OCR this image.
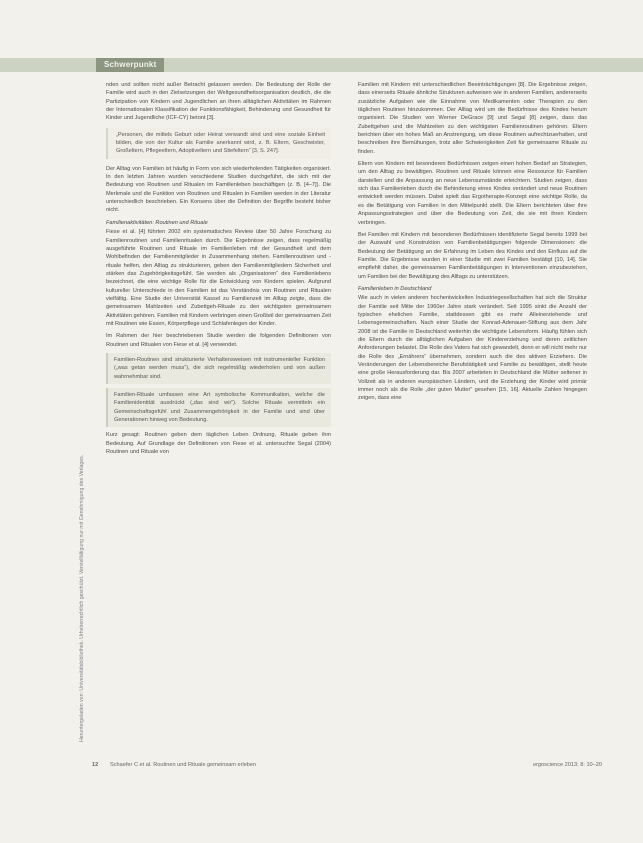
Schwerpunkt
Heruntergeladen von: Universitätsbibliothek. Urheberrechtlich geschützt. Vervielfältigung nur mit Genehmigung des Verlages.

nden und sollten nicht außer Betracht gelassen werden. Die Bedeutung der Rolle der Familie wird auch in den Zielsetzungen der Weltgesundheitsorganisation deutlich, die die Partizipation von Kindern und Jugendlichen an ihren alltäglichen Aktivitäten im Rahmen der Internationalen Klassifikation der Funktionsfähigkeit, Behinderung und Gesundheit für Kinder und Jugendliche (ICF-CY) betont [3].

„Personen, die mittels Geburt oder Heirat verwandt sind und eine soziale Einheit bilden, die von der Kultur als Familie anerkannt wird, z. B. Eltern, Geschwister, Großeltern, Pflegeeltern, Adoptiveltern und Stiefeltern“ [3, S. 247].

Der Alltag von Familien ist häufig in Form von sich wiederholenden Tätigkeiten organisiert. In den letzten Jahren wurden verschiedene Studien durchgeführt, die sich mit der Bedeutung von Routinen und Ritualen im Familienleben beschäftigen (z. B. [4–7]). Die Merkmale und die Funktion von Routinen und Ritualen in Familien werden in der Literatur unterschiedlich beschrieben. Ein Konsens über die Definition der Begriffe besteht bisher nicht.

Familienaktivitäten: Routinen und Rituale

Fiese et al. [4] führten 2002 ein systematisches Review über 50 Jahre Forschung zu Familienroutinen und Familienritualen durch. Die Ergebnisse zeigen, dass regelmäßig ausgeführte Routinen und Rituale im Familienleben mit der Gesundheit und dem Wohlbefinden der Familienmitglieder in Zusammenhang stehen. Familienroutinen und -rituale helfen, den Alltag zu strukturieren, geben den Familienmitgliedern Sicherheit und stärken das Zugehörigkeitsgefühl. Sie werden als „Organisatoren“ des Familienlebens bezeichnet, die eine wichtige Rolle für die Entwicklung von Kindern spielen. Aufgrund kultureller Unterschiede in den Familien ist das Verständnis von Routinen und Ritualen vielfältig. Eine Studie der Universität Kassel zu Familienzeit im Alltag zeigte, dass die gemeinsamen Mahlzeiten und Zubettgeh-Rituale zu den wichtigsten gemeinsamen Aktivitäten gehören. Familien mit Kindern verbringen einen Großteil der gemeinsamen Zeit mit Routinen wie Essen, Körperpflege und Schlafenlegen der Kinder.

Im Rahmen der hier beschriebenen Studie werden die folgenden Definitionen von Routinen und Ritualen von Fiese et al. [4] verwendet.

Familien-Routinen sind strukturierte Verhaltensweisen mit instrumenteller Funktion („was getan werden muss“), die sich regelmäßig wiederholen und von außen wahrnehmbar sind.
Familien-Rituale umfassen eine Art symbolische Kommunikation, welche die Familienidentität ausdrückt („das sind wir“). Solche Rituale vermitteln ein Gemeinschaftsgefühl und Zusammengehörigkeit in der Familie und sind über Generationen hinweg von Bedeutung.

Kurz gesagt: Routinen geben dem täglichen Leben Ordnung, Rituale geben ihm Bedeutung. Auf Grundlage der Definitionen von Fiese et al. untersuchte Segal (2004) Routinen und Rituale von

Familien mit Kindern mit unterschiedlichen Beeinträchtigungen [8]. Die Ergebnisse zeigen, dass einerseits Rituale ähnliche Strukturen aufweisen wie in anderen Familien, andererseits zusätzliche Aufgaben wie die Einnahme von Medikamenten oder Therapien zu den täglichen Routinen hinzukommen. Der Alltag wird um die Bedürfnisse des Kindes herum organisiert. Die Studien von Werner DeGrace [9] und Segal [8] zeigen, dass das Zubettgehen und die Mahlzeiten zu den wichtigsten Familienroutinen gehören. Eltern berichten über ein hohes Maß an Anstrengung, um diese Routinen aufrechtzuerhalten, und beschreiben ihre Bemühungen, trotz aller Schwierigkeiten Zeit für gemeinsame Rituale zu finden.

Eltern von Kindern mit besonderen Bedürfnissen zeigen einen hohen Bedarf an Strategien, um den Alltag zu bewältigen. Routinen und Rituale können eine Ressource für Familien darstellen und die Anpassung an neue Lebensumstände erleichtern. Studien zeigen, dass sich das Familienleben durch die Behinderung eines Kindes verändert und neue Routinen entwickelt werden müssen. Dabei spielt das Ergotherapie-Konzept eine wichtige Rolle, da es die Betätigung von Familien in den Mittelpunkt stellt. Die Eltern berichteten über ihre Anpassungsstrategien und über die Bedeutung von Zeit, die sie mit ihren Kindern verbringen.

Bei Familien mit Kindern mit besonderen Bedürfnissen identifizierte Segal bereits 1999 bei der Auswahl und Konstruktion von Familienbetätigungen folgende Dimensionen: die Bedeutung der Betätigung an der Erfahrung im Leben des Kindes und den Einfluss auf die Familie. Die Ergebnisse wurden in einer Studie mit zwei Familien bestätigt [10, 14]. Sie empfiehlt daher, die gemeinsamen Familienbetätigungen in Interventionen einzubeziehen, um Familien bei der Bewältigung des Alltags zu unterstützen.

Familienleben in Deutschland

Wie auch in vielen anderen hochentwickelten Industriegesellschaften hat sich die Struktur der Familie seit Mitte der 1960er Jahre stark verändert. Seit 1995 sinkt die Anzahl der typischen ehelichen Familie, stattdessen gibt es mehr Alleinerziehende und Lebensgemeinschaften. Nach einer Studie der Konrad-Adenauer-Stiftung aus dem Jahr 2008 ist die Familie in Deutschland weiterhin die wichtigste Lebensform. Häufig fühlen sich die Eltern durch die alltäglichen Aufgaben der Kindererziehung und deren zeitlichen Anforderungen belastet. Die Rolle des Vaters hat sich gewandelt, denn er will nicht mehr nur die Rolle des „Ernährers“ übernehmen, sondern auch die des aktiven Erziehers. Die Veränderungen der Lebensbereiche Berufstätigkeit und Familie zu bewältigen, stellt heute eine große Herausforderung dar. Bis 2007 arbeiteten in Deutschland die Mütter seltener in Vollzeit als in anderen europäischen Ländern, und die Erziehung der Kinder wird primär immer noch als die Rolle „der guten Mutter“ gesehen [15, 16]. Aktuelle Zahlen hingegen zeigen, dass eine

12 Schaefer C et al. Routinen und Rituale gemeinsam erleben	ergoscience 2013; 8: 10–20
